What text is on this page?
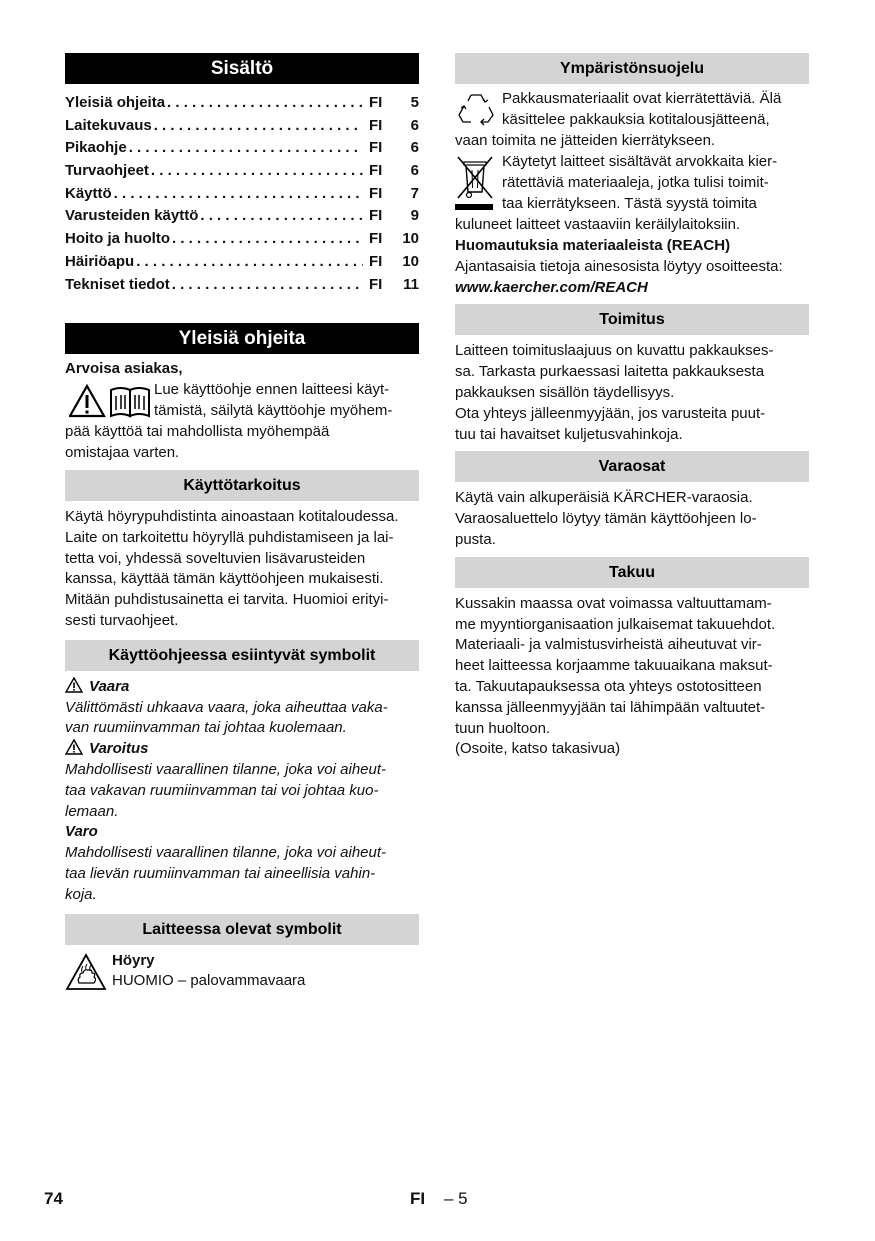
Sisältö
Yleisiä ohjeita . . .	FI	5
Laitekuvaus . . .	FI	6
Pikaohje . . .	FI	6
Turvaohjeet . . .	FI	6
Käyttö . . .	FI	7
Varusteiden käyttö . . .	FI	9
Hoito ja huolto . . .	FI	10
Häiriöapu . . .	FI	10
Tekniset tiedot . . .	FI	11
Yleisiä ohjeita

Arvoisa asiakas,

Lue käyttöohje ennen laitteesi käyt-

tämistä, säilytä käyttöohje myöhem-

pää käyttöä tai mahdollista myöhempää

omistajaa varten.

Käyttötarkoitus

Käytä höyrypuhdistinta ainoastaan kotitaloudessa.

Laite on tarkoitettu höyryllä puhdistamiseen ja lai-

tetta voi, yhdessä soveltuvien lisävarusteiden

kanssa, käyttää tämän käyttöohjeen mukaisesti.

Mitään puhdistusainetta ei tarvita. Huomioi erityi-

sesti turvaohjeet.

Käyttöohjeessa esiintyvät symbolit

Vaara

Välittömästi uhkaava vaara, joka aiheuttaa vaka-

van ruumiinvamman tai johtaa kuolemaan.

Varoitus

Mahdollisesti vaarallinen tilanne, joka voi aiheut-

taa vakavan ruumiinvamman tai voi johtaa kuo-

lemaan.

Varo

Mahdollisesti vaarallinen tilanne, joka voi aiheut-

taa lievän ruumiinvamman tai aineellisia vahin-

koja.

Laitteessa olevat symbolit

Höyry

HUOMIO – palovammavaara

Ympäristönsuojelu

Pakkausmateriaalit ovat kierrätettäviä. Älä

käsittelee pakkauksia kotitalousjätteenä,

vaan toimita ne jätteiden kierrätykseen.

Käytetyt laitteet sisältävät arvokkaita kier-

rätettäviä materiaaleja, jotka tulisi toimit-

taa kierrätykseen. Tästä syystä toimita

kuluneet laitteet vastaaviin keräilylaitoksiin.

Huomautuksia materiaaleista (REACH)

Ajantasaisia tietoja ainesosista löytyy osoitteesta:

www.kaercher.com/REACH

Toimitus

Laitteen toimituslaajuus on kuvattu pakkaukses-

sa. Tarkasta purkaessasi laitetta pakkauksesta

pakkauksen sisällön täydellisyys.

Ota yhteys jälleenmyyjään, jos varusteita puut-

tuu tai havaitset kuljetusvahinkoja.

Varaosat

Käytä vain alkuperäisiä KÄRCHER-varaosia.

Varaosaluettelo löytyy tämän käyttöohjeen lo-

pusta.

Takuu

Kussakin maassa ovat voimassa valtuuttamam-

me myyntiorganisaation julkaisemat takuuehdot.

Materiaali- ja valmistusvirheistä aiheutuvat vir-

heet laitteessa korjaamme takuuaikana maksut-

ta. Takuutapauksessa ota yhteys ostotositteen

kanssa jälleenmyyjään tai lähimpään valtuutet-

tuun huoltoon.

(Osoite, katso takasivua)

74	FI – 5
